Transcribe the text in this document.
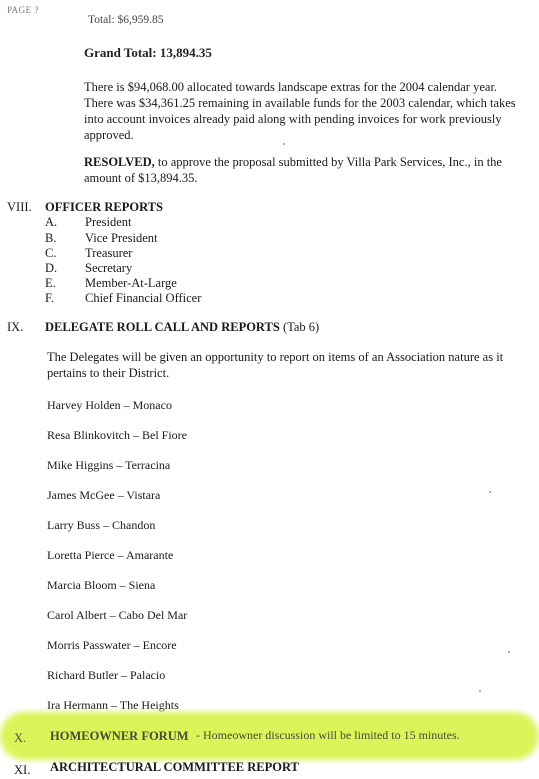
PAGE ?
Total: $6,959.85
Grand Total: 13,894.35

There is $94,068.00 allocated towards landscape extras for the 2004 calendar year. There was $34,361.25 remaining in available funds for the 2003 calendar, which takes into account invoices already paid along with pending invoices for work previously approved.

RESOLVED, to approve the proposal submitted by Villa Park Services, Inc., in the amount of $13,894.35.

VIII. OFFICER REPORTS
A. President
B. Vice President
C. Treasurer
D. Secretary
E. Member-At-Large
F. Chief Financial Officer
IX. DELEGATE ROLL CALL AND REPORTS (Tab 6)

The Delegates will be given an opportunity to report on items of an Association nature as it pertains to their District.

Harvey Holden – Monaco
Resa Blinkovitch – Bel Fiore
Mike Higgins – Terracina
James McGee – Vistara
Larry Buss – Chandon
Loretta Pierce – Amarante
Marcia Bloom – Siena
Carol Albert – Cabo Del Mar
Morris Passwater – Encore
Richard Butler – Palacio
Ira Hermann – The Heights
X. HOMEOWNER FORUM - Homeowner discussion will be limited to 15 minutes.
XI. ARCHITECTURAL COMMITTEE REPORT
